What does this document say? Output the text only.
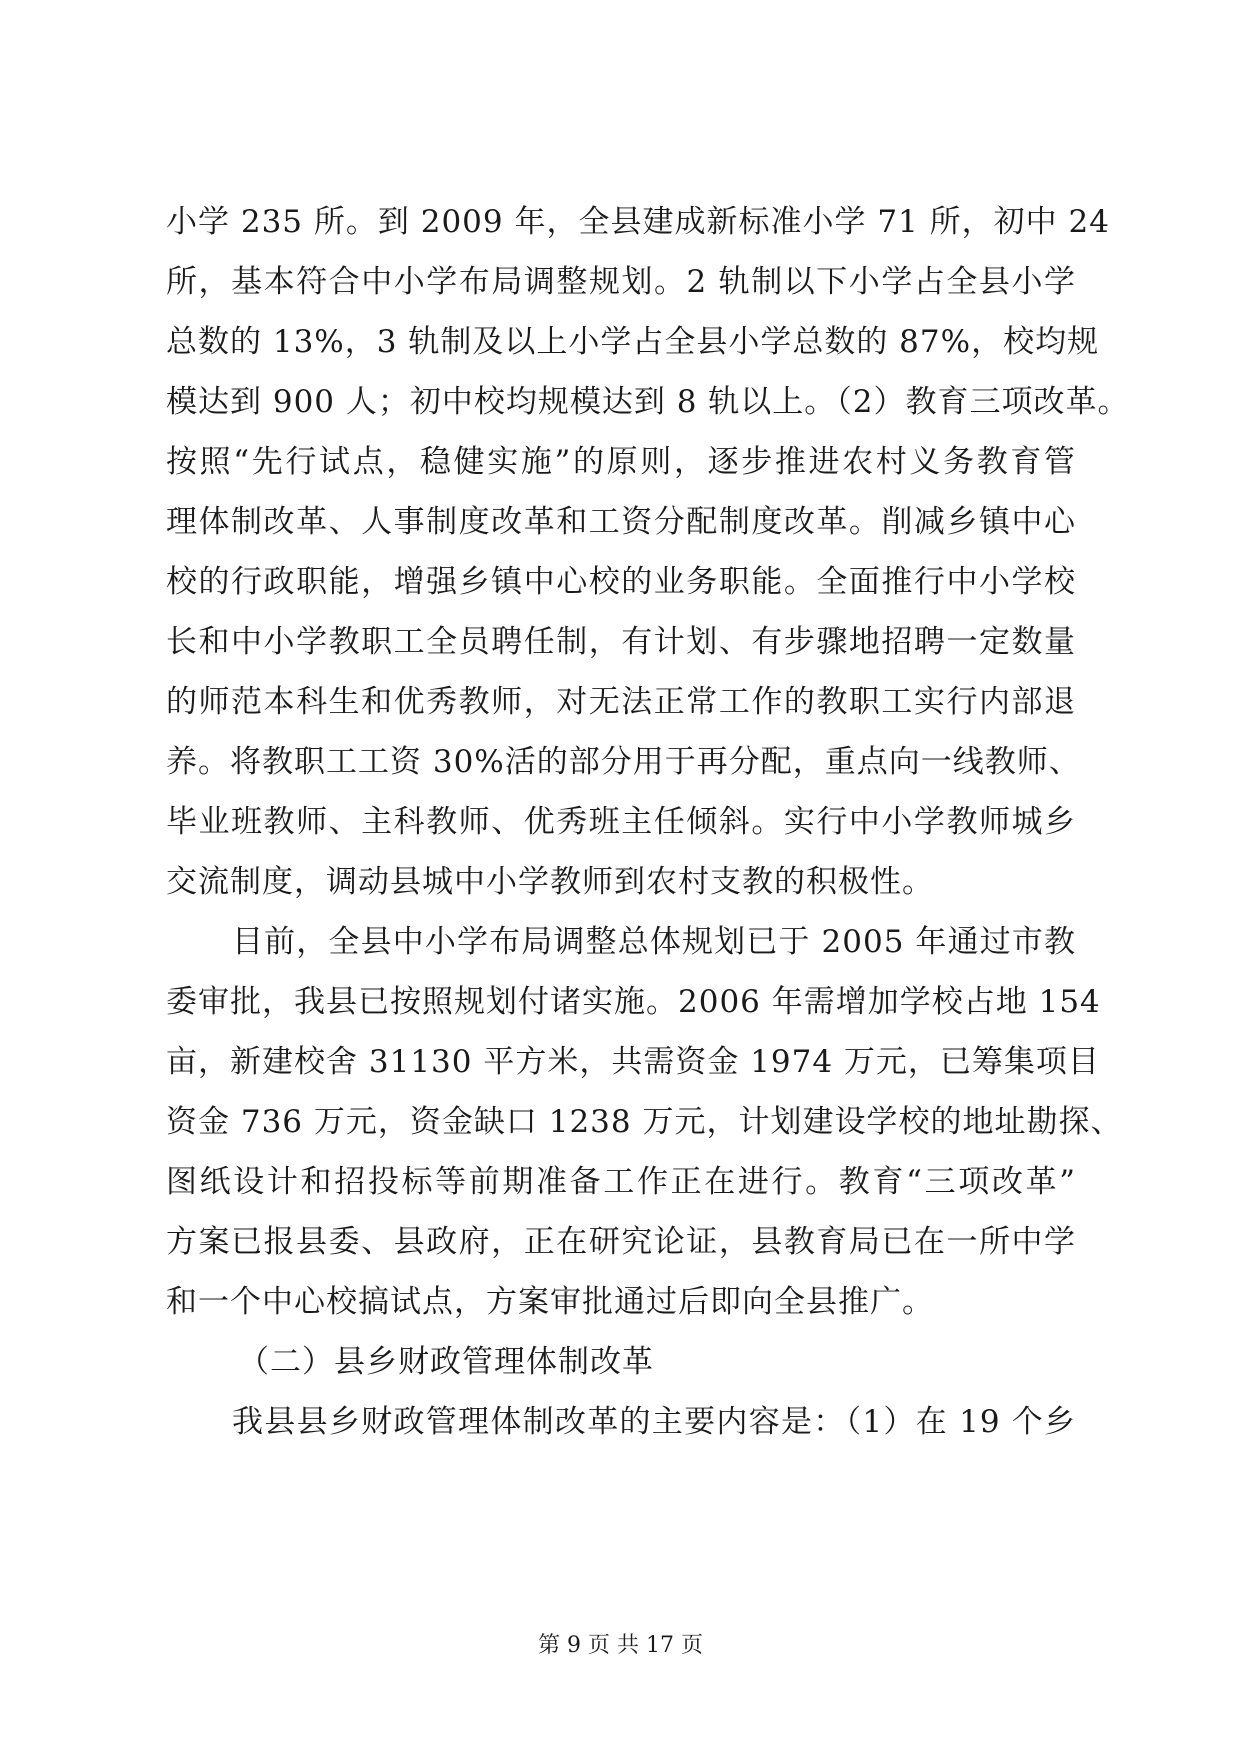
小学 235 所。到 2009 年，全县建成新标准小学 71 所，初中 24
所，基本符合中小学布局调整规划。2 轨制以下小学占全县小学
总数的 13%，3 轨制及以上小学占全县小学总数的 87%，校均规
模达到 900 人；初中校均规模达到 8 轨以上。（2）教育三项改革。
按照“先行试点，稳健实施”的原则，逐步推进农村义务教育管
理体制改革、人事制度改革和工资分配制度改革。削减乡镇中心
校的行政职能，增强乡镇中心校的业务职能。全面推行中小学校
长和中小学教职工全员聘任制，有计划、有步骤地招聘一定数量
的师范本科生和优秀教师，对无法正常工作的教职工实行内部退
养。将教职工工资 30%活的部分用于再分配，重点向一线教师、
毕业班教师、主科教师、优秀班主任倾斜。实行中小学教师城乡
交流制度，调动县城中小学教师到农村支教的积极性。
目前，全县中小学布局调整总体规划已于 2005 年通过市教
委审批，我县已按照规划付诸实施。2006 年需增加学校占地 154
亩，新建校舍 31130 平方米，共需资金 1974 万元，已筹集项目
资金 736 万元，资金缺口 1238 万元，计划建设学校的地址勘探、
图纸设计和招投标等前期准备工作正在进行。教育“三项改革”
方案已报县委、县政府，正在研究论证，县教育局已在一所中学
和一个中心校搞试点，方案审批通过后即向全县推广。
（二）县乡财政管理体制改革
我县县乡财政管理体制改革的主要内容是：（1）在 19 个乡
第 9 页 共 17 页
